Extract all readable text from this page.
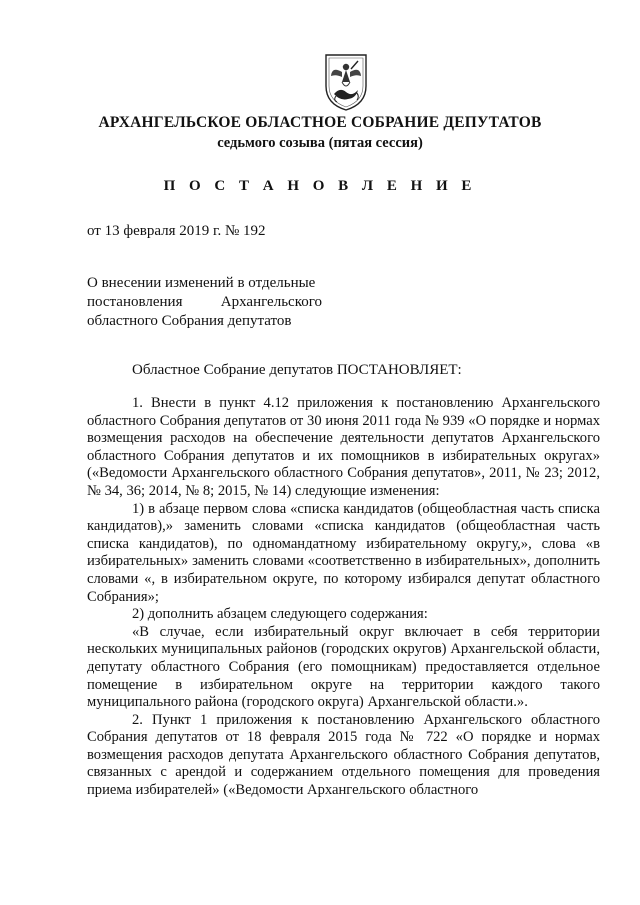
АРХАНГЕЛЬСКОЕ ОБЛАСТНОЕ СОБРАНИЕ ДЕПУТАТОВ
седьмого созыва (пятая сессия)
П О С Т А Н О В Л Е Н И Е
от 13 февраля 2019 г. № 192
О внесении изменений в отдельные
постановления Архангельского
областного Собрания депутатов
Областное Собрание депутатов ПОСТАНОВЛЯЕТ:

1. Внести в пункт 4.12 приложения к постановлению Архангельского областного Собрания депутатов от 30 июня 2011 года № 939 «О порядке и нормах возмещения расходов на обеспечение деятельности депутатов Архангельского областного Собрания депутатов и их помощников в избирательных округах» («Ведомости Архангельского областного Собрания депутатов», 2011, № 23; 2012, № 34, 36; 2014, № 8; 2015, № 14) следующие изменения:

1) в абзаце первом слова «списка кандидатов (общеобластная часть списка кандидатов),» заменить словами «списка кандидатов (общеобластная часть списка кандидатов), по одномандатному избирательному округу,», слова «в избирательных» заменить словами «соответственно в избирательных», дополнить словами «, в избирательном округе, по которому избирался депутат областного Собрания»;

2) дополнить абзацем следующего содержания:

«В случае, если избирательный округ включает в себя территории нескольких муниципальных районов (городских округов) Архангельской области, депутату областного Собрания (его помощникам) предоставляется отдельное помещение в избирательном округе на территории каждого такого муниципального района (городского округа) Архангельской области.».

2. Пункт 1 приложения к постановлению Архангельского областного Собрания депутатов от 18 февраля 2015 года № 722 «О порядке и нормах возмещения расходов депутата Архангельского областного Собрания депутатов, связанных с арендой и содержанием отдельного помещения для проведения приема избирателей» («Ведомости Архангельского областного
